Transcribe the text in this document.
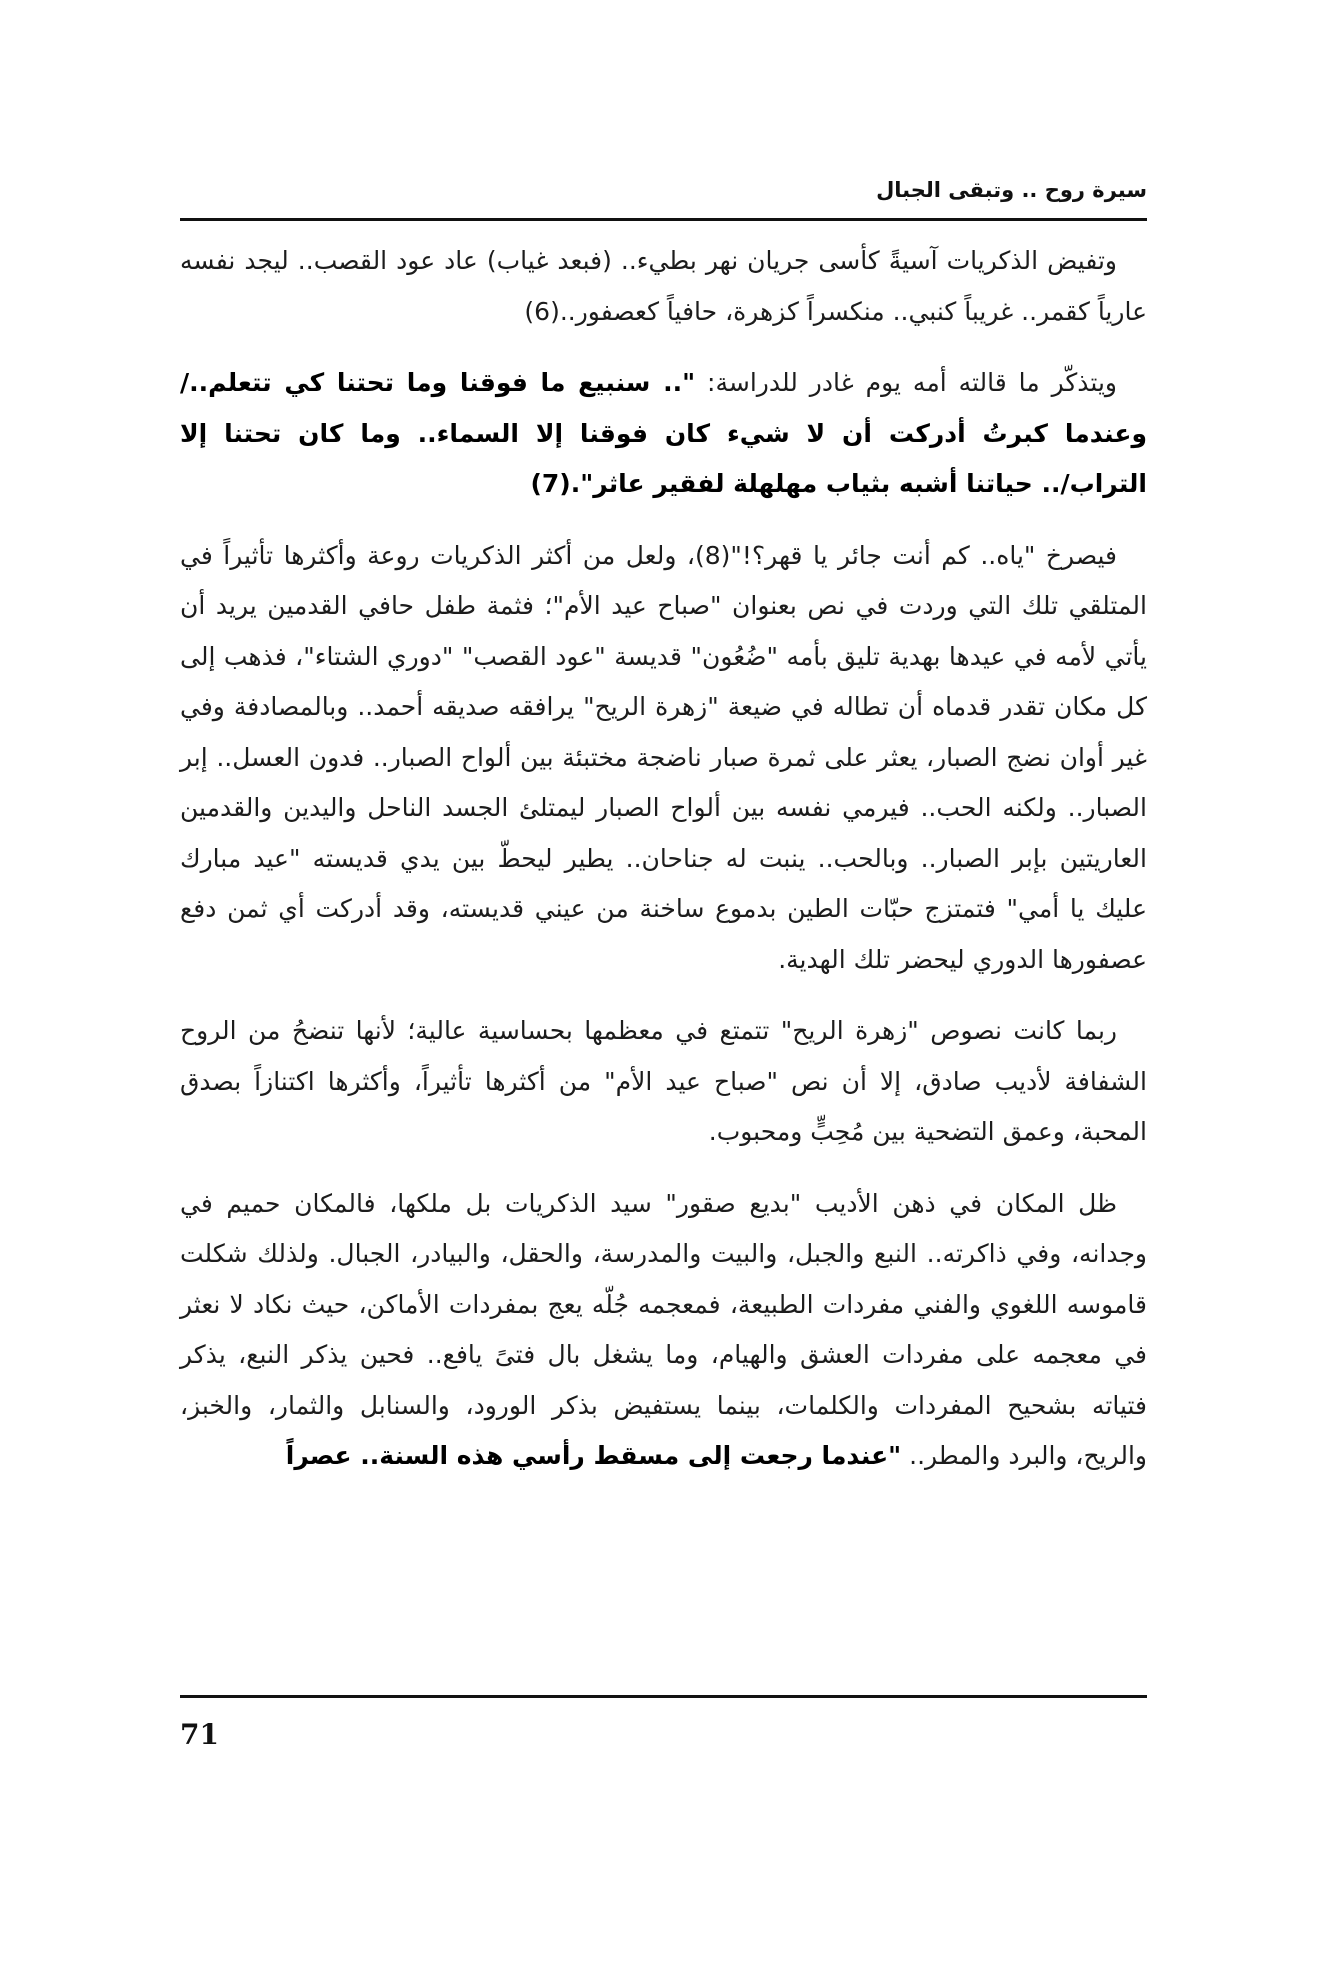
سيرة روح .. وتبقى الجبال

وتفيض الذكريات آسيةً كأسى جريان نهر بطيء.. (فبعد غياب) عاد عود القصب.. ليجد نفسه عارياً كقمر.. غريباً كنبي.. منكسراً كزهرة، حافياً كعصفور..(6)

ويتذكّر ما قالته أمه يوم غادر للدراسة: ".. سنبيع ما فوقنا وما تحتنا كي تتعلم../ وعندما كبرتُ أدركت أن لا شيء كان فوقنا إلا السماء.. وما كان تحتنا إلا التراب/.. حياتنا أشبه بثياب مهلهلة لفقير عاثر".(7)

فيصرخ "ياه.. كم أنت جائر يا قهر؟!"(8)، ولعل من أكثر الذكريات روعة وأكثرها تأثيراً في المتلقي تلك التي وردت في نص بعنوان "صباح عيد الأم"؛ فثمة طفل حافي القدمين يريد أن يأتي لأمه في عيدها بهدية تليق بأمه "ضُعُون" قديسة "عود القصب" "دوري الشتاء"، فذهب إلى كل مكان تقدر قدماه أن تطاله في ضيعة "زهرة الريح" يرافقه صديقه أحمد.. وبالمصادفة وفي غير أوان نضج الصبار، يعثر على ثمرة صبار ناضجة مختبئة بين ألواح الصبار.. فدون العسل.. إبر الصبار.. ولكنه الحب.. فيرمي نفسه بين ألواح الصبار ليمتلئ الجسد الناحل واليدين والقدمين العاريتين بإبر الصبار.. وبالحب.. ينبت له جناحان.. يطير ليحطّ بين يدي قديسته "عيد مبارك عليك يا أمي" فتمتزج حبّات الطين بدموع ساخنة من عيني قديسته، وقد أدركت أي ثمن دفع عصفورها الدوري ليحضر تلك الهدية.

ربما كانت نصوص "زهرة الريح" تتمتع في معظمها بحساسية عالية؛ لأنها تنضحُ من الروح الشفافة لأديب صادق، إلا أن نص "صباح عيد الأم" من أكثرها تأثيراً، وأكثرها اكتنازاً بصدق المحبة، وعمق التضحية بين مُحِبٍّ ومحبوب.

ظل المكان في ذهن الأديب "بديع صقور" سيد الذكريات بل ملكها، فالمكان حميم في وجدانه، وفي ذاكرته.. النبع والجبل، والبيت والمدرسة، والحقل، والبيادر، الجبال. ولذلك شكلت قاموسه اللغوي والفني مفردات الطبيعة، فمعجمه جُلّه يعج بمفردات الأماكن، حيث نكاد لا نعثر في معجمه على مفردات العشق والهيام، وما يشغل بال فتىً يافع.. فحين يذكر النبع، يذكر فتياته بشحيح المفردات والكلمات، بينما يستفيض بذكر الورود، والسنابل والثمار، والخبز، والريح، والبرد والمطر.. "عندما رجعت إلى مسقط رأسي هذه السنة.. عصراً

71
